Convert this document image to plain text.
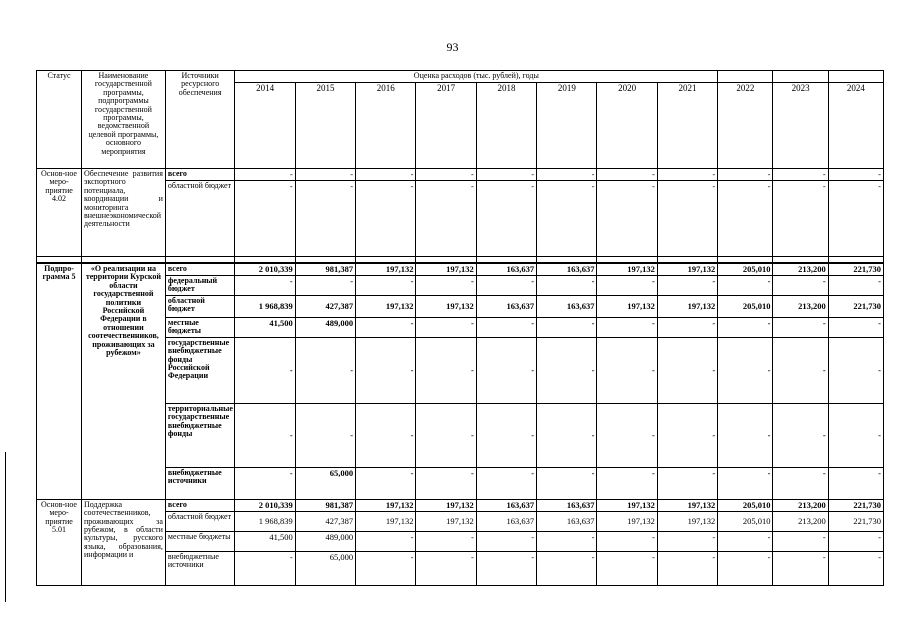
93
Статус	Наименование государственной программы, подпрограммы государственной программы, ведомственной целевой программы, основного мероприятия	Источники ресурсного обеспечения	Оценка расходов (тыс. рублей), годы										
			2014	2015	2016	2017	2018	2019	2020	2021	2022	2023	2024
Основ-ное меро-приятие 4.02	Обеспечение развития экспортного потенциала, координации и мониторинга внешнеэкономической деятельности	всего	-	-	-	-	-	-	-	-	-	-	-
		областной бюджет	-	-	-	-	-	-	-	-	-	-	-

Подпро-грамма 5	«О реализации на территории Курской области государственной политики Российской Федерации в отношении соотечественников, проживающих за рубежом»	всего	2 010,339	981,387	197,132	197,132	163,637	163,637	197,132	197,132	205,010	213,200	221,730
		федеральный бюджет	-	-	-	-	-	-	-	-	-	-	-
		областной бюджет	1 968,839	427,387	197,132	197,132	163,637	163,637	197,132	197,132	205,010	213,200	221,730
		местные бюджеты	41,500	489,000	-	-	-	-	-	-	-	-	-
		государственные внебюджетные фонды Российской Федерации	-	-	-	-	-	-	-	-	-	-	-
		территориальные государственные внебюджетные фонды	-	-	-	-	-	-	-	-	-	-	-
		внебюджетные источники	-	65,000	-	-	-	-	-	-	-	-	-
Основ-ное меро-приятие 5.01	Поддержка соотечественников, проживающих за рубежом, в области культуры, русского языка, образования, информации и	всего	2 010,339	981,387	197,132	197,132	163,637	163,637	197,132	197,132	205,010	213,200	221,730
		областной бюджет	1 968,839	427,387	197,132	197,132	163,637	163,637	197,132	197,132	205,010	213,200	221,730
		местные бюджеты	41,500	489,000	-	-	-	-	-	-	-	-	-
		внебюджетные источники	-	65,000	-	-	-	-	-	-	-	-	-
